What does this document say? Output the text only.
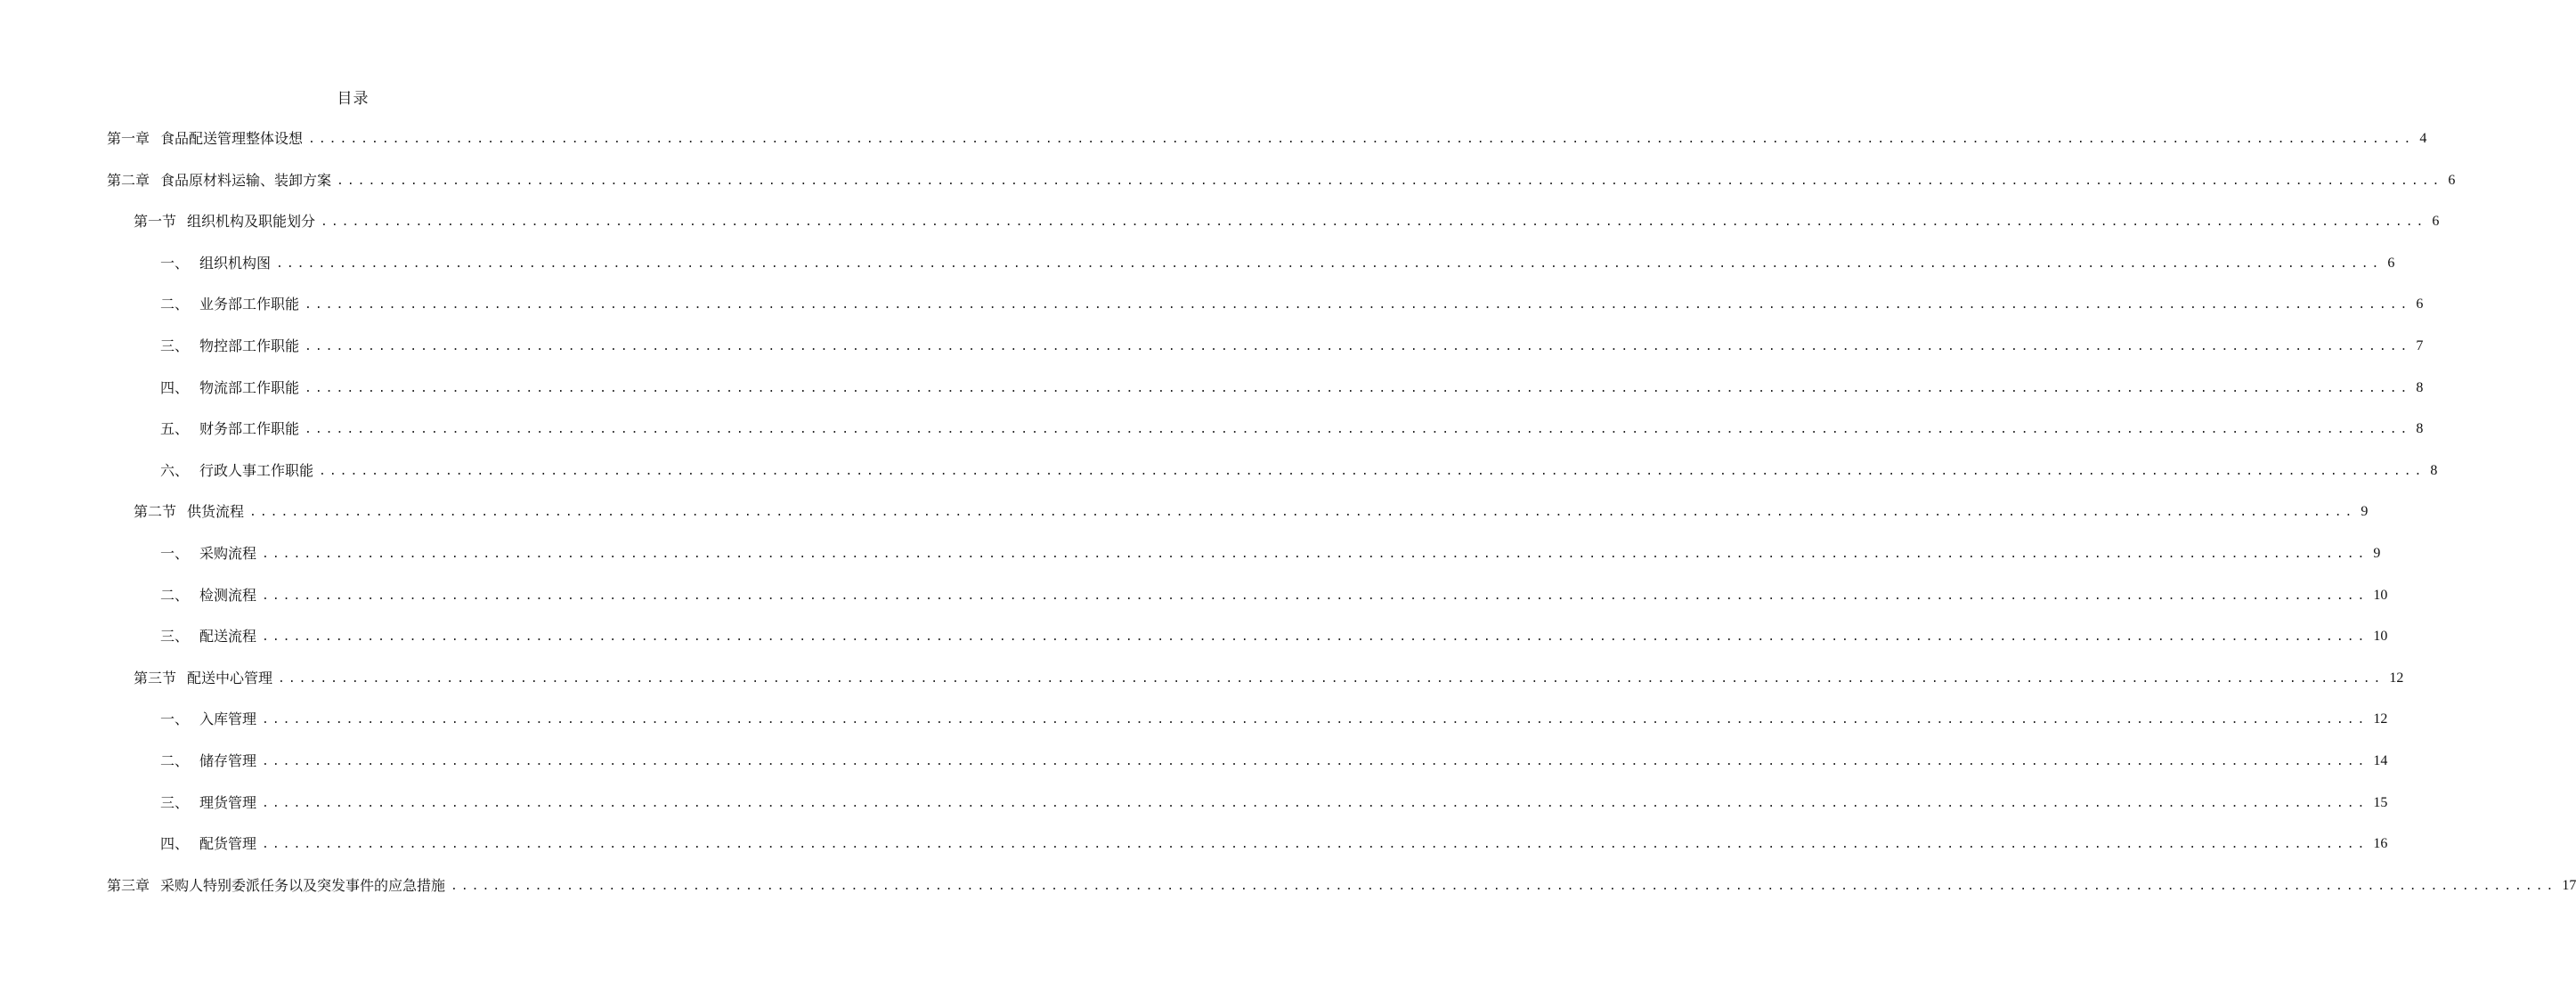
目录
第一章 食品配送管理整体设想 ........................................................................................................................................................................................................ 4
第二章 食品原材料运输、装卸方案 ........................................................................................................................................................................................................ 6
第一节 组织机构及职能划分 ........................................................................................................................................................................................................ 6
一、 组织机构图 ........................................................................................................................................................................................................ 6
二、 业务部工作职能 ........................................................................................................................................................................................................ 6
三、 物控部工作职能 ........................................................................................................................................................................................................ 7
四、 物流部工作职能 ........................................................................................................................................................................................................ 8
五、 财务部工作职能 ........................................................................................................................................................................................................ 8
六、 行政人事工作职能 ........................................................................................................................................................................................................ 8
第二节 供货流程 ........................................................................................................................................................................................................ 9
一、 采购流程 ........................................................................................................................................................................................................ 9
二、 检测流程 ........................................................................................................................................................................................................ 10
三、 配送流程 ........................................................................................................................................................................................................ 10
第三节 配送中心管理 ........................................................................................................................................................................................................ 12
一、 入库管理 ........................................................................................................................................................................................................ 12
二、 储存管理 ........................................................................................................................................................................................................ 14
三、 理货管理 ........................................................................................................................................................................................................ 15
四、 配货管理 ........................................................................................................................................................................................................ 16
第三章 采购人特别委派任务以及突发事件的应急措施 ........................................................................................................................................................................................................ 17
